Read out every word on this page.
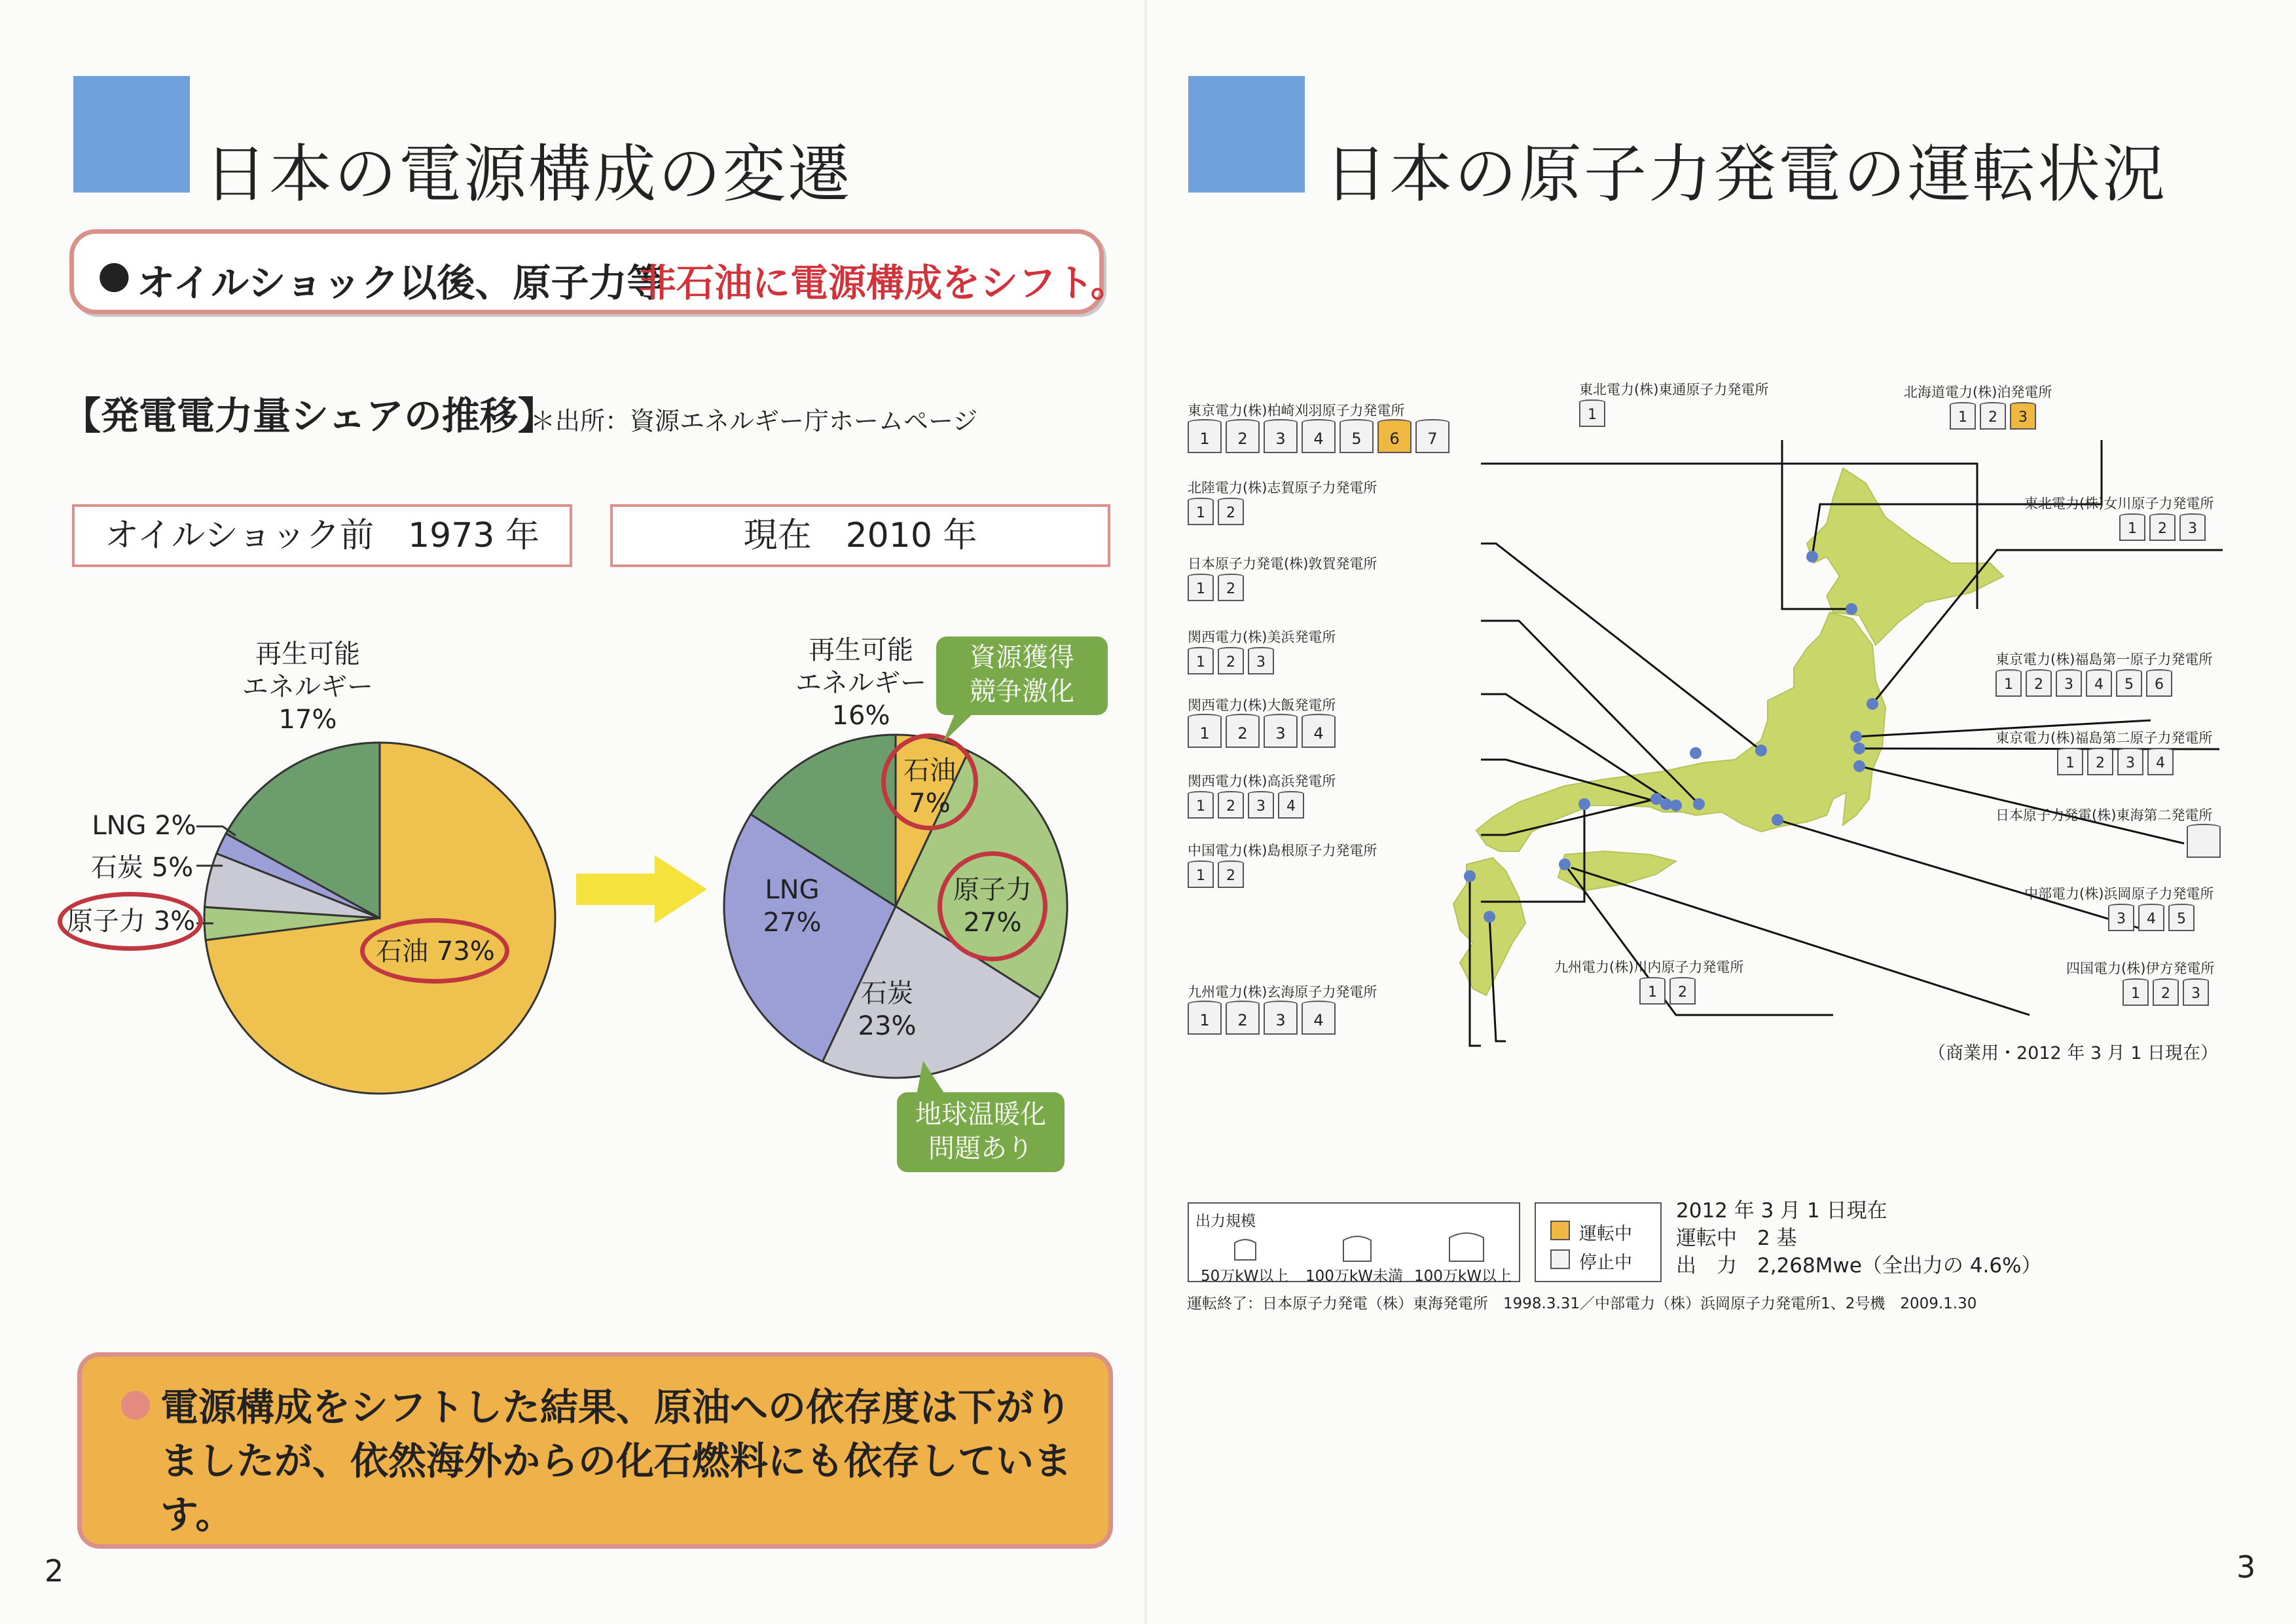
日本の電源構成の変遷
● オイルショック以後、原子力等
非石油に電源構成をシフト。
【発電電力量シェアの推移】
＊出所：資源エネルギー庁ホームページ
オイルショック前　1973 年	現在　2010 年
再生可能
エネルギー
17%
LNG 2%
石炭 5%
原子力 3%
石油 73%
再生可能
エネルギー
16%
石油
7%
原子力
27%
LNG
27%
石炭
23%
資源獲得
競争激化
地球温暖化
問題あり
電源構成をシフトした結果、原油への依存度は下がりましたが、依然海外からの化石燃料にも依存しています。
2
日本の原子力発電の運転状況
東京電力(株)柏崎刈羽原子力発電所
1	2	3	4	5	6	7
北陸電力(株)志賀原子力発電所
1	2
日本原子力発電(株)敦賀発電所
1	2
関西電力(株)美浜発電所
1	2	3
関西電力(株)大飯発電所
1	2	3	4
関西電力(株)高浜発電所
1	2	3	4
中国電力(株)島根原子力発電所
1	2
九州電力(株)玄海原子力発電所
1	2	3	4
九州電力(株)川内原子力発電所
1	2
東北電力(株)東通原子力発電所
1
北海道電力(株)泊発電所
1	2	3
東北電力(株)女川原子力発電所
1	2	3
東京電力(株)福島第一原子力発電所
1	2	3	4	5	6
東京電力(株)福島第二原子力発電所
1	2	3	4
日本原子力発電(株)東海第二発電所
中部電力(株)浜岡原子力発電所
3	4	5
四国電力(株)伊方発電所
1	2	3
（商業用・2012 年 3 月 1 日現在）
出力規模
50万kW以上 100万kW未満 100万kW以上
運転中
停止中
2012 年 3 月 1 日現在
運転中　2 基
出　力　2,268Mwe（全出力の 4.6%）
運転終了：日本原子力発電（株）東海発電所　1998.3.31／中部電力（株）浜岡原子力発電所1、2号機　2009.1.30
3
